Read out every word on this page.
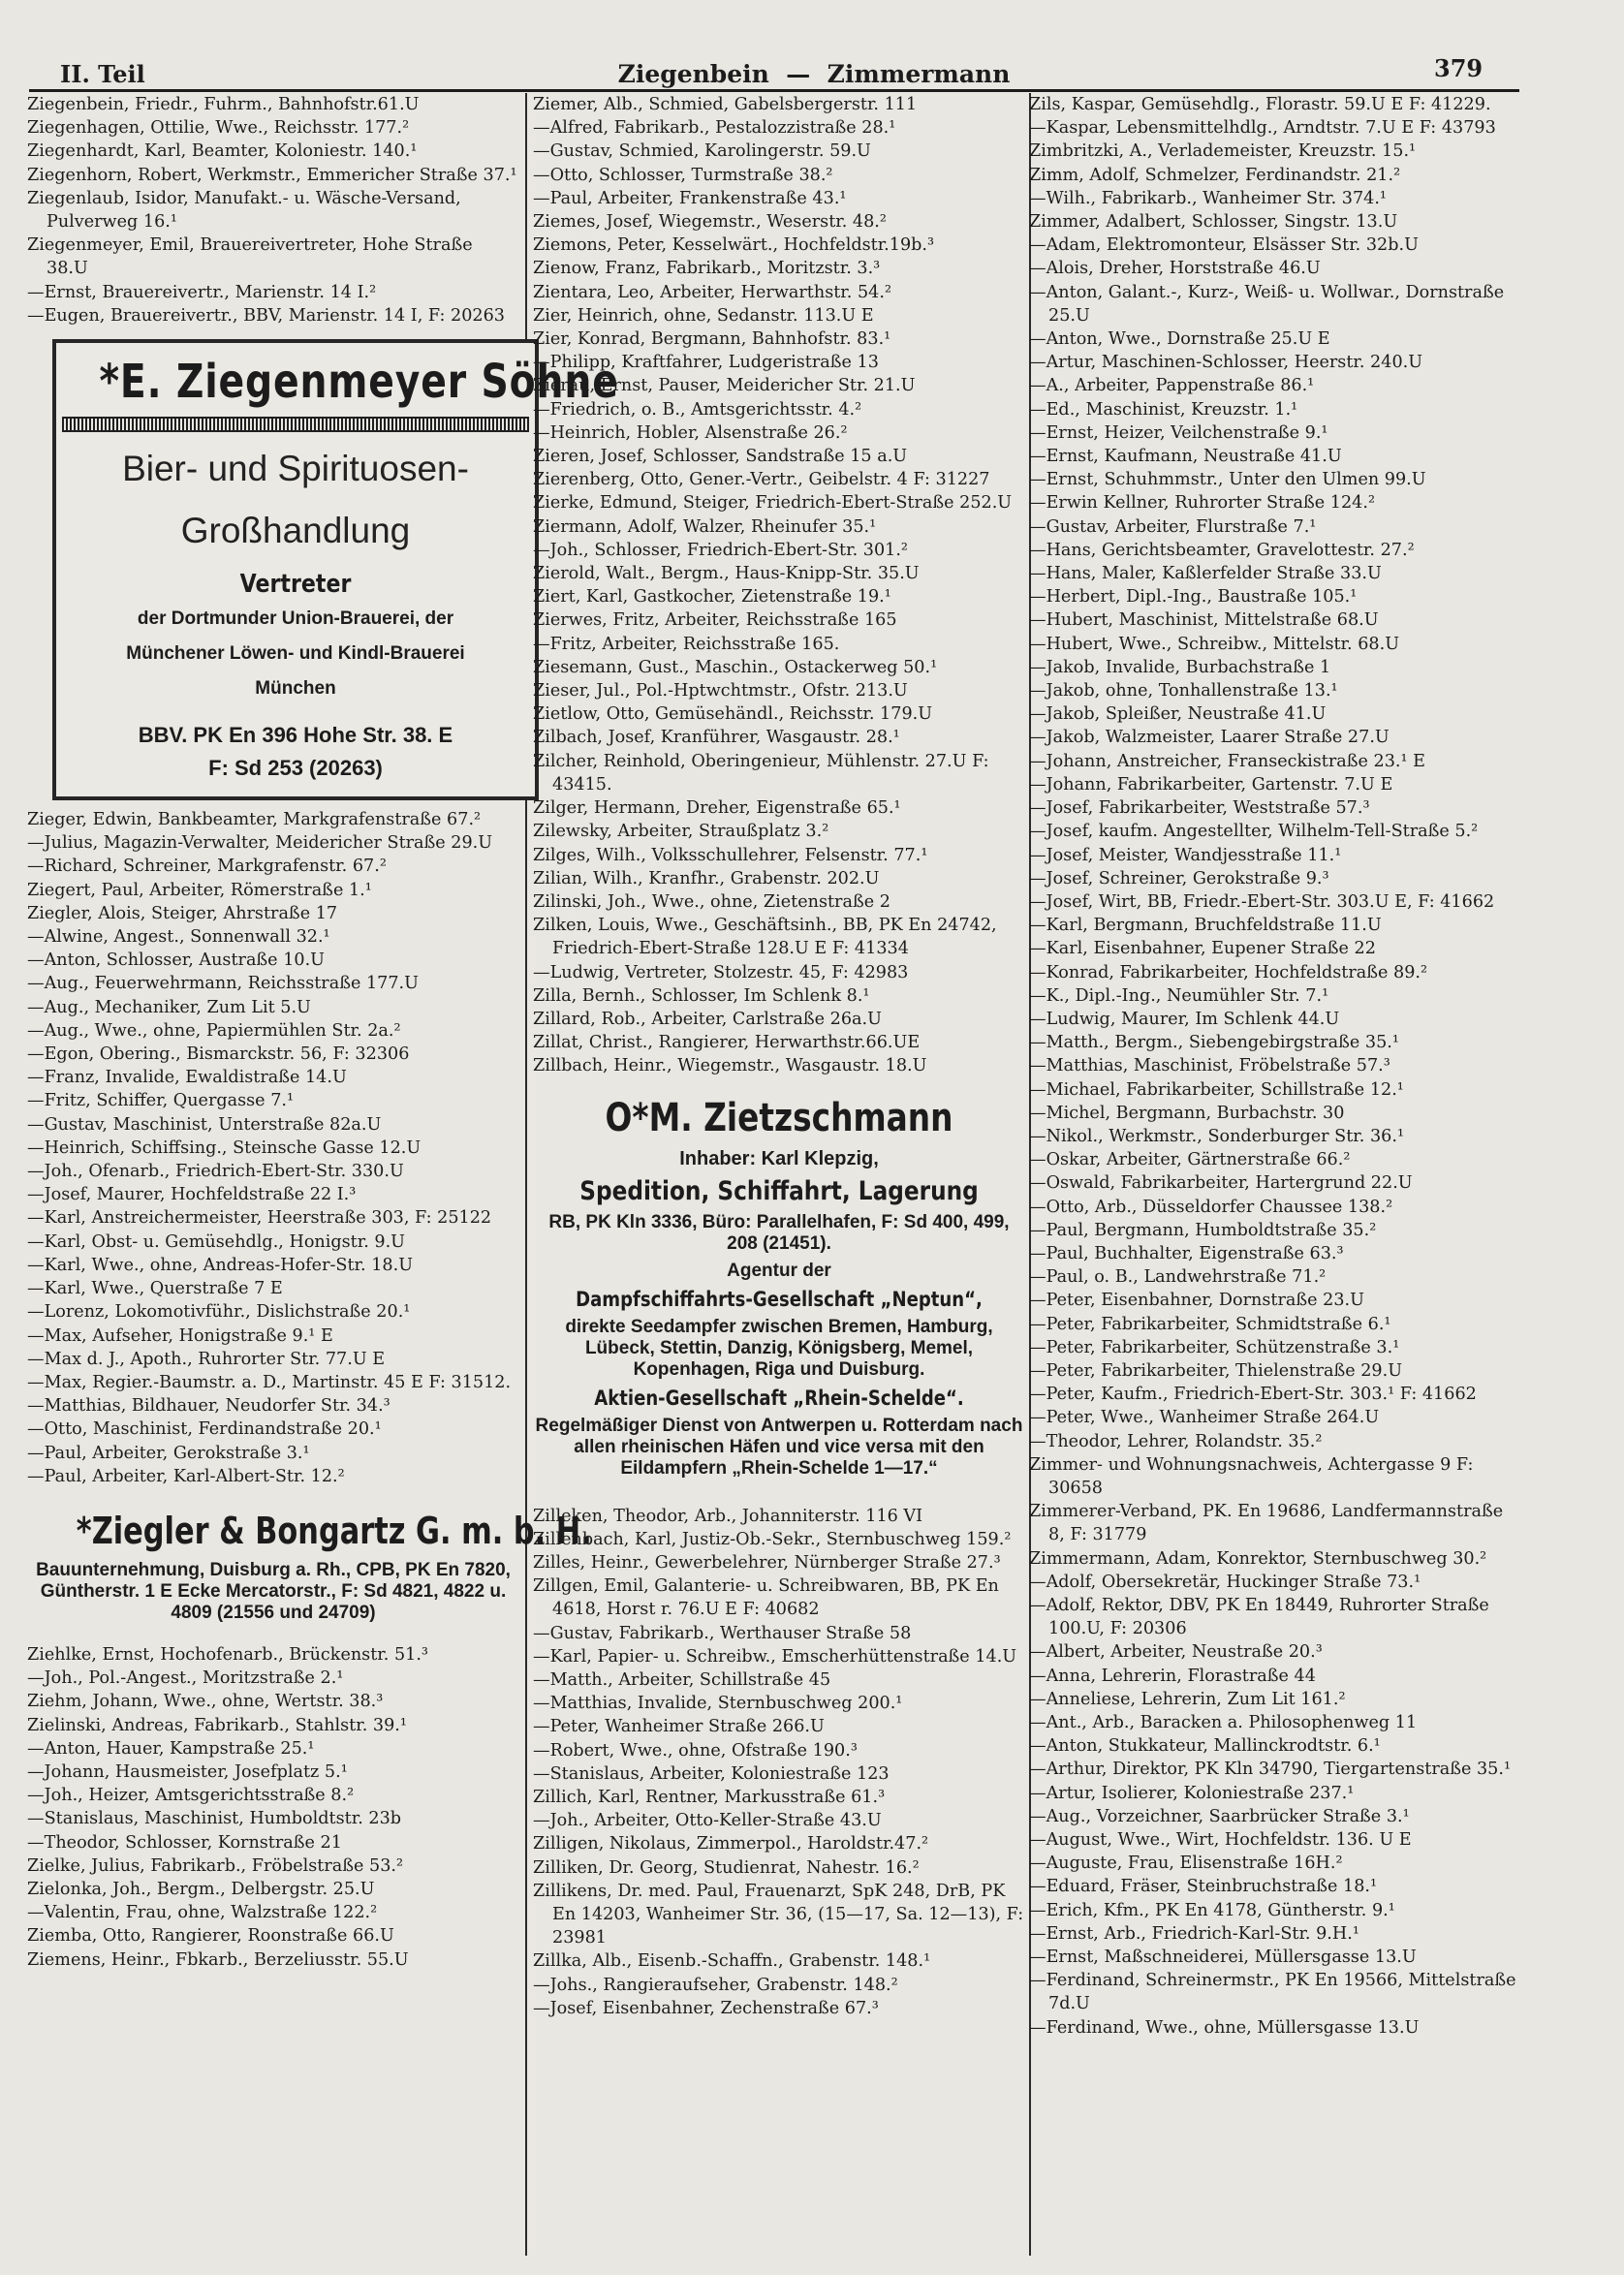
II. Teil	Ziegenbein  —  Zimmermann	379
Ziegenbein, Friedr., Fuhrm., Bahnhofstr.61.U
Ziegenhagen, Ottilie, Wwe., Reichsstr. 177.²
Ziegenhardt, Karl, Beamter, Koloniestr. 140.¹
Ziegenhorn, Robert, Werkmstr., Emmericher Straße 37.¹
Ziegenlaub, Isidor, Manufakt.- u. Wäsche-Versand, Pulverweg 16.¹
Ziegenmeyer, Emil, Brauereivertreter, Hohe Straße 38.U
—Ernst, Brauereivertr., Marienstr. 14 I.²
—Eugen, Brauereivertr., BBV, Marienstr. 14 I, F: 20263
*E. Ziegenmeyer Söhne
Bier- und Spirituosen-
Großhandlung
Vertreter
der Dortmunder Union-Brauerei, der
Münchener Löwen- und Kindl-Brauerei
München
BBV. PK En 396 Hohe Str. 38. E
F: Sd 253 (20263)
Zieger, Edwin, Bankbeamter, Markgrafenstraße 67.²
—Julius, Magazin-Verwalter, Meidericher Straße 29.U
—Richard, Schreiner, Markgrafenstr. 67.²
Ziegert, Paul, Arbeiter, Römerstraße 1.¹
Ziegler, Alois, Steiger, Ahrstraße 17
—Alwine, Angest., Sonnenwall 32.¹
—Anton, Schlosser, Austraße 10.U
—Aug., Feuerwehrmann, Reichsstraße 177.U
—Aug., Mechaniker, Zum Lit 5.U
—Aug., Wwe., ohne, Papiermühlen Str. 2a.²
—Egon, Obering., Bismarckstr. 56, F: 32306
—Franz, Invalide, Ewaldistraße 14.U
—Fritz, Schiffer, Quergasse 7.¹
—Gustav, Maschinist, Unterstraße 82a.U
—Heinrich, Schiffsing., Steinsche Gasse 12.U
—Joh., Ofenarb., Friedrich-Ebert-Str. 330.U
—Josef, Maurer, Hochfeldstraße 22 I.³
—Karl, Anstreichermeister, Heerstraße 303, F: 25122
—Karl, Obst- u. Gemüsehdlg., Honigstr. 9.U
—Karl, Wwe., ohne, Andreas-Hofer-Str. 18.U
—Karl, Wwe., Querstraße 7 E
—Lorenz, Lokomotivführ., Dislichstraße 20.¹
—Max, Aufseher, Honigstraße 9.¹ E
—Max d. J., Apoth., Ruhrorter Str. 77.U E
—Max, Regier.-Baumstr. a. D., Martinstr. 45 E F: 31512.
—Matthias, Bildhauer, Neudorfer Str. 34.³
—Otto, Maschinist, Ferdinandstraße 20.¹
—Paul, Arbeiter, Gerokstraße 3.¹
—Paul, Arbeiter, Karl-Albert-Str. 12.²
*Ziegler & Bongartz G. m. b. H.
Bauunternehmung, Duisburg a. Rh., CPB, PK En 7820, Güntherstr. 1 E Ecke Mercatorstr., F: Sd 4821, 4822 u. 4809 (21556 und 24709)
Ziehlke, Ernst, Hochofenarb., Brückenstr. 51.³
—Joh., Pol.-Angest., Moritzstraße 2.¹
Ziehm, Johann, Wwe., ohne, Wertstr. 38.³
Zielinski, Andreas, Fabrikarb., Stahlstr. 39.¹
—Anton, Hauer, Kampstraße 25.¹
—Johann, Hausmeister, Josefplatz 5.¹
—Joh., Heizer, Amtsgerichtsstraße 8.²
—Stanislaus, Maschinist, Humboldtstr. 23b
—Theodor, Schlosser, Kornstraße 21
Zielke, Julius, Fabrikarb., Fröbelstraße 53.²
Zielonka, Joh., Bergm., Delbergstr. 25.U
—Valentin, Frau, ohne, Walzstraße 122.²
Ziemba, Otto, Rangierer, Roonstraße 66.U
Ziemens, Heinr., Fbkarb., Berzeliusstr. 55.U
Ziemer, Alb., Schmied, Gabelsbergerstr. 111
—Alfred, Fabrikarb., Pestalozzistraße 28.¹
—Gustav, Schmied, Karolingerstr. 59.U
—Otto, Schlosser, Turmstraße 38.²
—Paul, Arbeiter, Frankenstraße 43.¹
Ziemes, Josef, Wiegemstr., Weserstr. 48.²
Ziemons, Peter, Kesselwärt., Hochfeldstr.19b.³
Zienow, Franz, Fabrikarb., Moritzstr. 3.³
Zientara, Leo, Arbeiter, Herwarthstr. 54.²
Zier, Heinrich, ohne, Sedanstr. 113.U E
Zier, Konrad, Bergmann, Bahnhofstr. 83.¹
—Philipp, Kraftfahrer, Ludgeristraße 13
Zierau, Ernst, Pauser, Meidericher Str. 21.U
—Friedrich, o. B., Amtsgerichtsstr. 4.²
—Heinrich, Hobler, Alsenstraße 26.²
Zieren, Josef, Schlosser, Sandstraße 15 a.U
Zierenberg, Otto, Gener.-Vertr., Geibelstr. 4 F: 31227
Zierke, Edmund, Steiger, Friedrich-Ebert-Straße 252.U
Ziermann, Adolf, Walzer, Rheinufer 35.¹
—Joh., Schlosser, Friedrich-Ebert-Str. 301.²
Zierold, Walt., Bergm., Haus-Knipp-Str. 35.U
Ziert, Karl, Gastkocher, Zietenstraße 19.¹
Zierwes, Fritz, Arbeiter, Reichsstraße 165
—Fritz, Arbeiter, Reichsstraße 165.
Ziesemann, Gust., Maschin., Ostackerweg 50.¹
Zieser, Jul., Pol.-Hptwchtmstr., Ofstr. 213.U
Zietlow, Otto, Gemüsehändl., Reichsstr. 179.U
Zilbach, Josef, Kranführer, Wasgaustr. 28.¹
Zilcher, Reinhold, Oberingenieur, Mühlenstr. 27.U F: 43415.
Zilger, Hermann, Dreher, Eigenstraße 65.¹
Zilewsky, Arbeiter, Straußplatz 3.²
Zilges, Wilh., Volksschullehrer, Felsenstr. 77.¹
Zilian, Wilh., Kranfhr., Grabenstr. 202.U
Zilinski, Joh., Wwe., ohne, Zietenstraße 2
Zilken, Louis, Wwe., Geschäftsinh., BB, PK En 24742, Friedrich-Ebert-Straße 128.U E F: 41334
—Ludwig, Vertreter, Stolzestr. 45, F: 42983
Zilla, Bernh., Schlosser, Im Schlenk 8.¹
Zillard, Rob., Arbeiter, Carlstraße 26a.U
Zillat, Christ., Rangierer, Herwarthstr.66.UE
Zillbach, Heinr., Wiegemstr., Wasgaustr. 18.U
O*M. Zietzschmann
Inhaber: Karl Klepzig,
Spedition, Schiffahrt, Lagerung
RB, PK Kln 3336, Büro: Parallelhafen, F: Sd 400, 499, 208 (21451).
Agentur der
Dampfschiffahrts-Gesellschaft „Neptun“,
direkte Seedampfer zwischen Bremen, Hamburg, Lübeck, Stettin, Danzig, Königsberg, Memel, Kopenhagen, Riga und Duisburg.
Aktien-Gesellschaft „Rhein-Schelde“.
Regelmäßiger Dienst von Antwerpen u. Rotterdam nach allen rheinischen Häfen und vice versa mit den Eildampfern „Rhein-Schelde 1—17.“
Zilleken, Theodor, Arb., Johanniterstr. 116 VI
Zillenbach, Karl, Justiz-Ob.-Sekr., Sternbuschweg 159.²
Zilles, Heinr., Gewerbelehrer, Nürnberger Straße 27.³
Zillgen, Emil, Galanterie- u. Schreibwaren, BB, PK En 4618, Horst r. 76.U E F: 40682
—Gustav, Fabrikarb., Werthauser Straße 58
—Karl, Papier- u. Schreibw., Emscherhüttenstraße 14.U
—Matth., Arbeiter, Schillstraße 45
—Matthias, Invalide, Sternbuschweg 200.¹
—Peter, Wanheimer Straße 266.U
—Robert, Wwe., ohne, Ofstraße 190.³
—Stanislaus, Arbeiter, Koloniestraße 123
Zillich, Karl, Rentner, Markusstraße 61.³
—Joh., Arbeiter, Otto-Keller-Straße 43.U
Zilligen, Nikolaus, Zimmerpol., Haroldstr.47.²
Zilliken, Dr. Georg, Studienrat, Nahestr. 16.²
Zillikens, Dr. med. Paul, Frauenarzt, SpK 248, DrB, PK En 14203, Wanheimer Str. 36, (15—17, Sa. 12—13), F: 23981
Zillka, Alb., Eisenb.-Schaffn., Grabenstr. 148.¹
—Johs., Rangieraufseher, Grabenstr. 148.²
—Josef, Eisenbahner, Zechenstraße 67.³
Zils, Kaspar, Gemüsehdlg., Florastr. 59.U E F: 41229.
—Kaspar, Lebensmittelhdlg., Arndtstr. 7.U E F: 43793
Zimbritzki, A., Verlademeister, Kreuzstr. 15.¹
Zimm, Adolf, Schmelzer, Ferdinandstr. 21.²
—Wilh., Fabrikarb., Wanheimer Str. 374.¹
Zimmer, Adalbert, Schlosser, Singstr. 13.U
—Adam, Elektromonteur, Elsässer Str. 32b.U
—Alois, Dreher, Horststraße 46.U
—Anton, Galant.-, Kurz-, Weiß- u. Wollwar., Dornstraße 25.U
—Anton, Wwe., Dornstraße 25.U E
—Artur, Maschinen-Schlosser, Heerstr. 240.U
—A., Arbeiter, Pappenstraße 86.¹
—Ed., Maschinist, Kreuzstr. 1.¹
—Ernst, Heizer, Veilchenstraße 9.¹
—Ernst, Kaufmann, Neustraße 41.U
—Ernst, Schuhmmstr., Unter den Ulmen 99.U
—Erwin Kellner, Ruhrorter Straße 124.²
—Gustav, Arbeiter, Flurstraße 7.¹
—Hans, Gerichtsbeamter, Gravelottestr. 27.²
—Hans, Maler, Kaßlerfelder Straße 33.U
—Herbert, Dipl.-Ing., Baustraße 105.¹
—Hubert, Maschinist, Mittelstraße 68.U
—Hubert, Wwe., Schreibw., Mittelstr. 68.U
—Jakob, Invalide, Burbachstraße 1
—Jakob, ohne, Tonhallenstraße 13.¹
—Jakob, Spleißer, Neustraße 41.U
—Jakob, Walzmeister, Laarer Straße 27.U
—Johann, Anstreicher, Franseckistraße 23.¹ E
—Johann, Fabrikarbeiter, Gartenstr. 7.U E
—Josef, Fabrikarbeiter, Weststraße 57.³
—Josef, kaufm. Angestellter, Wilhelm-Tell-Straße 5.²
—Josef, Meister, Wandjesstraße 11.¹
—Josef, Schreiner, Gerokstraße 9.³
—Josef, Wirt, BB, Friedr.-Ebert-Str. 303.U E, F: 41662
—Karl, Bergmann, Bruchfeldstraße 11.U
—Karl, Eisenbahner, Eupener Straße 22
—Konrad, Fabrikarbeiter, Hochfeldstraße 89.²
—K., Dipl.-Ing., Neumühler Str. 7.¹
—Ludwig, Maurer, Im Schlenk 44.U
—Matth., Bergm., Siebengebirgstraße 35.¹
—Matthias, Maschinist, Fröbelstraße 57.³
—Michael, Fabrikarbeiter, Schillstraße 12.¹
—Michel, Bergmann, Burbachstr. 30
—Nikol., Werkmstr., Sonderburger Str. 36.¹
—Oskar, Arbeiter, Gärtnerstraße 66.²
—Oswald, Fabrikarbeiter, Hartergrund 22.U
—Otto, Arb., Düsseldorfer Chaussee 138.²
—Paul, Bergmann, Humboldtstraße 35.²
—Paul, Buchhalter, Eigenstraße 63.³
—Paul, o. B., Landwehrstraße 71.²
—Peter, Eisenbahner, Dornstraße 23.U
—Peter, Fabrikarbeiter, Schmidtstraße 6.¹
—Peter, Fabrikarbeiter, Schützenstraße 3.¹
—Peter, Fabrikarbeiter, Thielenstraße 29.U
—Peter, Kaufm., Friedrich-Ebert-Str. 303.¹ F: 41662
—Peter, Wwe., Wanheimer Straße 264.U
—Theodor, Lehrer, Rolandstr. 35.²
Zimmer- und Wohnungsnachweis, Achtergasse 9 F: 30658
Zimmerer-Verband, PK. En 19686, Landfermannstraße 8, F: 31779
Zimmermann, Adam, Konrektor, Sternbuschweg 30.²
—Adolf, Obersekretär, Huckinger Straße 73.¹
—Adolf, Rektor, DBV, PK En 18449, Ruhrorter Straße 100.U, F: 20306
—Albert, Arbeiter, Neustraße 20.³
—Anna, Lehrerin, Florastraße 44
—Anneliese, Lehrerin, Zum Lit 161.²
—Ant., Arb., Baracken a. Philosophenweg 11
—Anton, Stukkateur, Mallinckrodtstr. 6.¹
—Arthur, Direktor, PK Kln 34790, Tiergartenstraße 35.¹
—Artur, Isolierer, Koloniestraße 237.¹
—Aug., Vorzeichner, Saarbrücker Straße 3.¹
—August, Wwe., Wirt, Hochfeldstr. 136. U E
—Auguste, Frau, Elisenstraße 16H.²
—Eduard, Fräser, Steinbruchstraße 18.¹
—Erich, Kfm., PK En 4178, Güntherstr. 9.¹
—Ernst, Arb., Friedrich-Karl-Str. 9.H.¹
—Ernst, Maßschneiderei, Müllersgasse 13.U
—Ferdinand, Schreinermstr., PK En 19566, Mittelstraße 7d.U
—Ferdinand, Wwe., ohne, Müllersgasse 13.U
